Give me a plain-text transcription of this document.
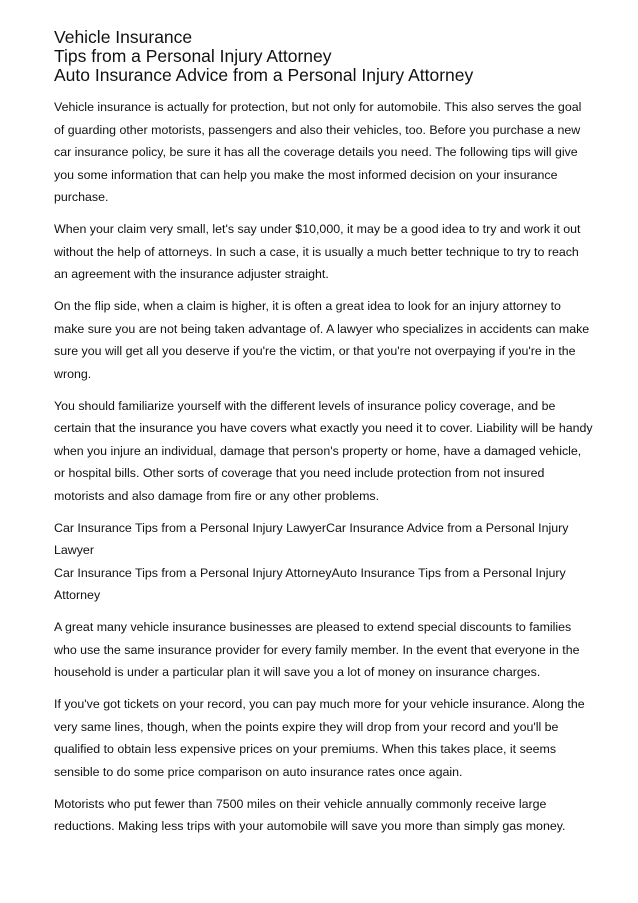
Vehicle Insurance
Tips from a Personal Injury Attorney
Auto Insurance Advice from a Personal Injury Attorney

Vehicle insurance is actually for protection, but not only for automobile. This also serves the goal of guarding other motorists, passengers and also their vehicles, too. Before you purchase a new car insurance policy, be sure it has all the coverage details you need. The following tips will give you some information that can help you make the most informed decision on your insurance purchase.

When your claim very small, let's say under $10,000, it may be a good idea to try and work it out without the help of attorneys. In such a case, it is usually a much better technique to try to reach an agreement with the insurance adjuster straight.

On the flip side, when a claim is higher, it is often a great idea to look for an injury attorney to make sure you are not being taken advantage of. A lawyer who specializes in accidents can make sure you will get all you deserve if you're the victim, or that you're not overpaying if you're in the wrong.

You should familiarize yourself with the different levels of insurance policy coverage, and be certain that the insurance you have covers what exactly you need it to cover. Liability will be handy when you injure an individual, damage that person's property or home, have a damaged vehicle, or hospital bills. Other sorts of coverage that you need include protection from not insured motorists and also damage from fire or any other problems.

Car Insurance Tips from a Personal Injury LawyerCar Insurance Advice from a Personal Injury Lawyer

Car Insurance Tips from a Personal Injury AttorneyAuto Insurance Tips from a Personal Injury Attorney

A great many vehicle insurance businesses are pleased to extend special discounts to families who use the same insurance provider for every family member. In the event that everyone in the household is under a particular plan it will save you a lot of money on insurance charges.

If you've got tickets on your record, you can pay much more for your vehicle insurance. Along the very same lines, though, when the points expire they will drop from your record and you'll be qualified to obtain less expensive prices on your premiums. When this takes place, it seems sensible to do some price comparison on auto insurance rates once again.

Motorists who put fewer than 7500 miles on their vehicle annually commonly receive large reductions. Making less trips with your automobile will save you more than simply gas money.
